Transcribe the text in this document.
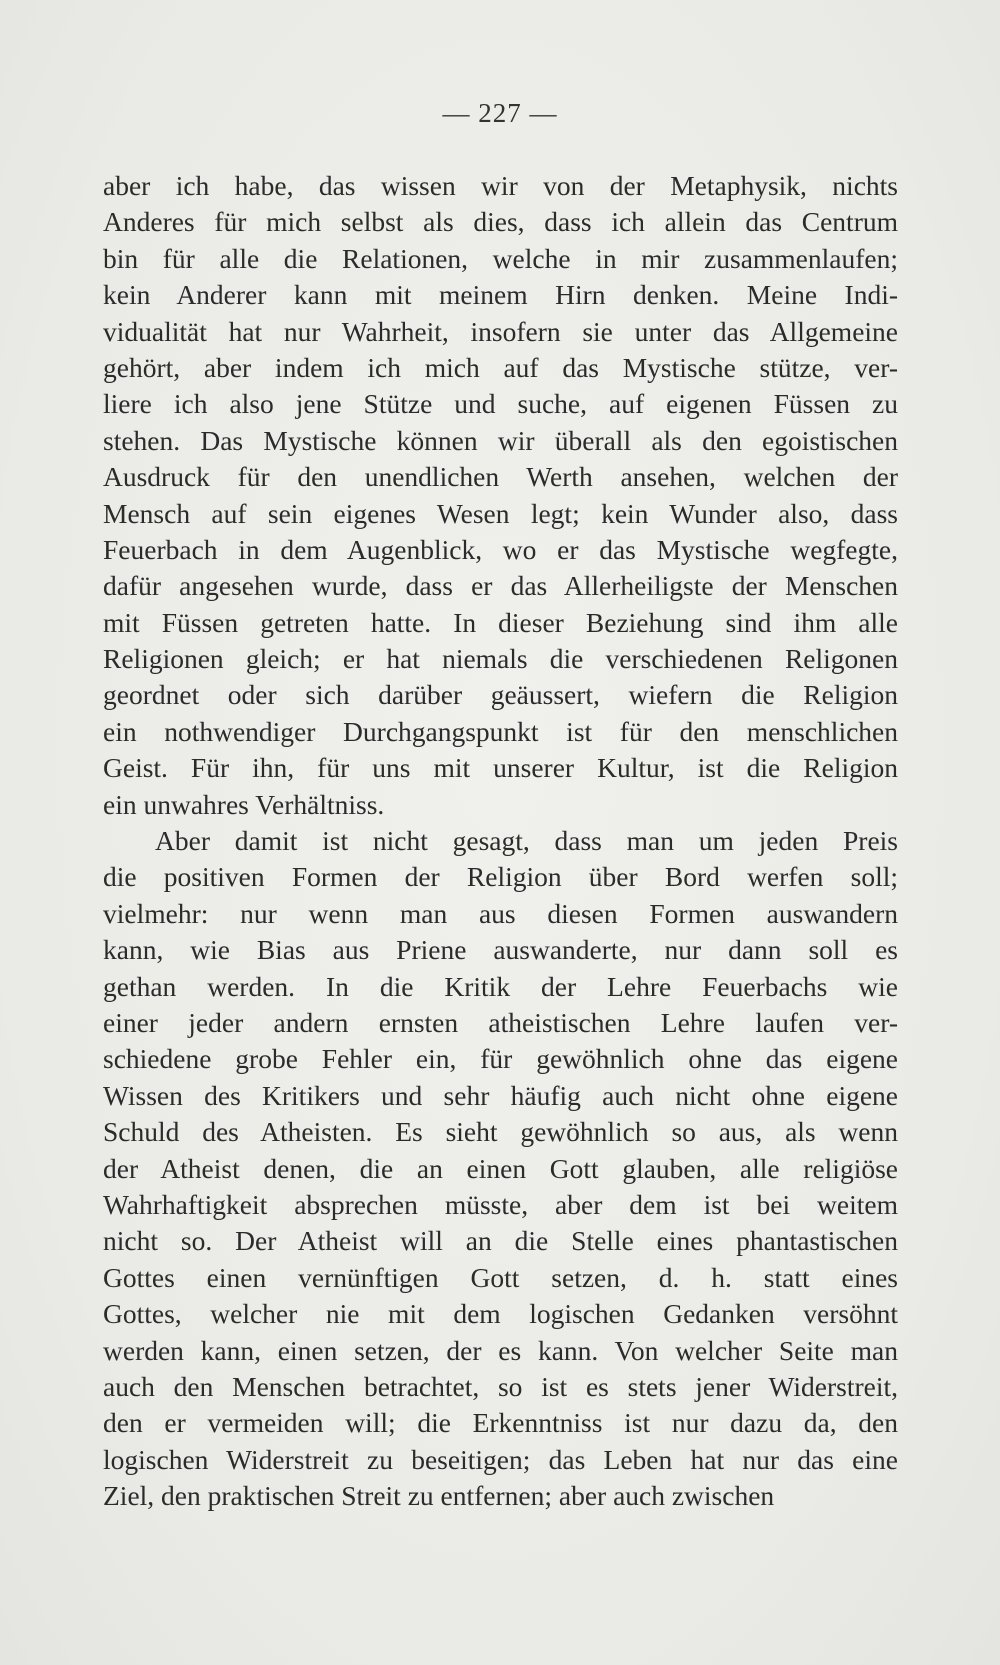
— 227 —
aber ich habe, das wissen wir von der Metaphysik, nichts
Anderes für mich selbst als dies, dass ich allein das Centrum
bin für alle die Relationen, welche in mir zusammenlaufen;
kein Anderer kann mit meinem Hirn denken. Meine Indi-
vidualität hat nur Wahrheit, insofern sie unter das Allgemeine
gehört, aber indem ich mich auf das Mystische stütze, ver-
liere ich also jene Stütze und suche, auf eigenen Füssen zu
stehen. Das Mystische können wir überall als den egoistischen
Ausdruck für den unendlichen Werth ansehen, welchen der
Mensch auf sein eigenes Wesen legt; kein Wunder also, dass
Feuerbach in dem Augenblick, wo er das Mystische wegfegte,
dafür angesehen wurde, dass er das Allerheiligste der Menschen
mit Füssen getreten hatte. In dieser Beziehung sind ihm alle
Religionen gleich; er hat niemals die verschiedenen Religonen
geordnet oder sich darüber geäussert, wiefern die Religion
ein nothwendiger Durchgangspunkt ist für den menschlichen
Geist. Für ihn, für uns mit unserer Kultur, ist die Religion
ein unwahres Verhältniss.
Aber damit ist nicht gesagt, dass man um jeden Preis
die positiven Formen der Religion über Bord werfen soll;
vielmehr: nur wenn man aus diesen Formen auswandern
kann, wie Bias aus Priene auswanderte, nur dann soll es
gethan werden. In die Kritik der Lehre Feuerbachs wie
einer jeder andern ernsten atheistischen Lehre laufen ver-
schiedene grobe Fehler ein, für gewöhnlich ohne das eigene
Wissen des Kritikers und sehr häufig auch nicht ohne eigene
Schuld des Atheisten. Es sieht gewöhnlich so aus, als wenn
der Atheist denen, die an einen Gott glauben, alle religiöse
Wahrhaftigkeit absprechen müsste, aber dem ist bei weitem
nicht so. Der Atheist will an die Stelle eines phantastischen
Gottes einen vernünftigen Gott setzen, d. h. statt eines
Gottes, welcher nie mit dem logischen Gedanken versöhnt
werden kann, einen setzen, der es kann. Von welcher Seite man
auch den Menschen betrachtet, so ist es stets jener Widerstreit,
den er vermeiden will; die Erkenntniss ist nur dazu da, den
logischen Widerstreit zu beseitigen; das Leben hat nur das eine
Ziel, den praktischen Streit zu entfernen; aber auch zwischen
